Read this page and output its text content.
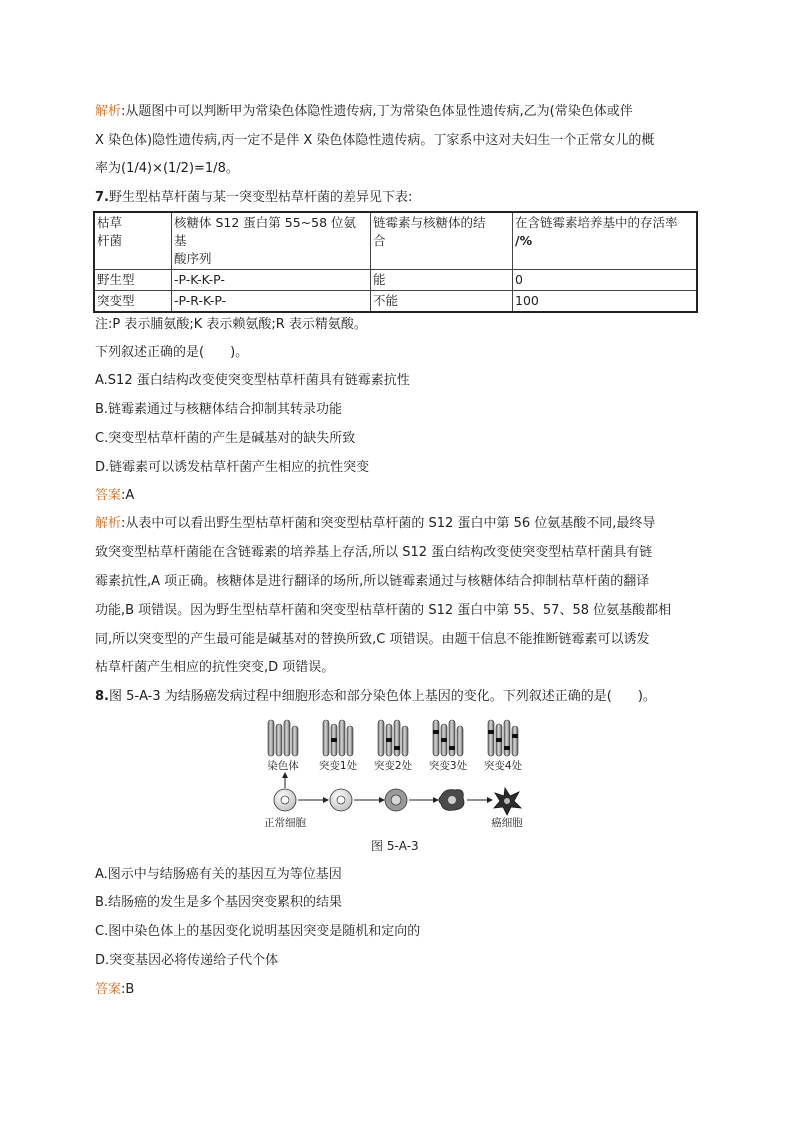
解析:从题图中可以判断甲为常染色体隐性遗传病,丁为常染色体显性遗传病,乙为(常染色体或伴
X 染色体)隐性遗传病,丙一定不是伴 X 染色体隐性遗传病。丁家系中这对夫妇生一个正常女儿的概
率为(1/4)×(1/2)=1/8。
7.野生型枯草杆菌与某一突变型枯草杆菌的差异见下表:
枯草
杆菌	核糖体 S12 蛋白第 55~58 位氨基
酸序列	链霉素与核糖体的结
合	在含链霉素培养基中的存活率
/%
野生型	-P-K-K-P-	能	0
突变型	-P-R-K-P-	不能	100
注:P 表示脯氨酸;K 表示赖氨酸;R 表示精氨酸。
下列叙述正确的是(　　)。
A.S12 蛋白结构改变使突变型枯草杆菌具有链霉素抗性
B.链霉素通过与核糖体结合抑制其转录功能
C.突变型枯草杆菌的产生是碱基对的缺失所致
D.链霉素可以诱发枯草杆菌产生相应的抗性突变
答案:A
解析:从表中可以看出野生型枯草杆菌和突变型枯草杆菌的 S12 蛋白中第 56 位氨基酸不同,最终导
致突变型枯草杆菌能在含链霉素的培养基上存活,所以 S12 蛋白结构改变使突变型枯草杆菌具有链
霉素抗性,A 项正确。核糖体是进行翻译的场所,所以链霉素通过与核糖体结合抑制枯草杆菌的翻译
功能,B 项错误。因为野生型枯草杆菌和突变型枯草杆菌的 S12 蛋白中第 55、57、58 位氨基酸都相
同,所以突变型的产生最可能是碱基对的替换所致,C 项错误。由题干信息不能推断链霉素可以诱发
枯草杆菌产生相应的抗性突变,D 项错误。
8.图 5-A-3 为结肠癌发病过程中细胞形态和部分染色体上基因的变化。下列叙述正确的是(　　)。
染色体 突变1处 突变2处 突变3处 突变4处
正常细胞	癌细胞
图 5-A-3
A.图示中与结肠癌有关的基因互为等位基因
B.结肠癌的发生是多个基因突变累积的结果
C.图中染色体上的基因变化说明基因突变是随机和定向的
D.突变基因必将传递给子代个体
答案:B
